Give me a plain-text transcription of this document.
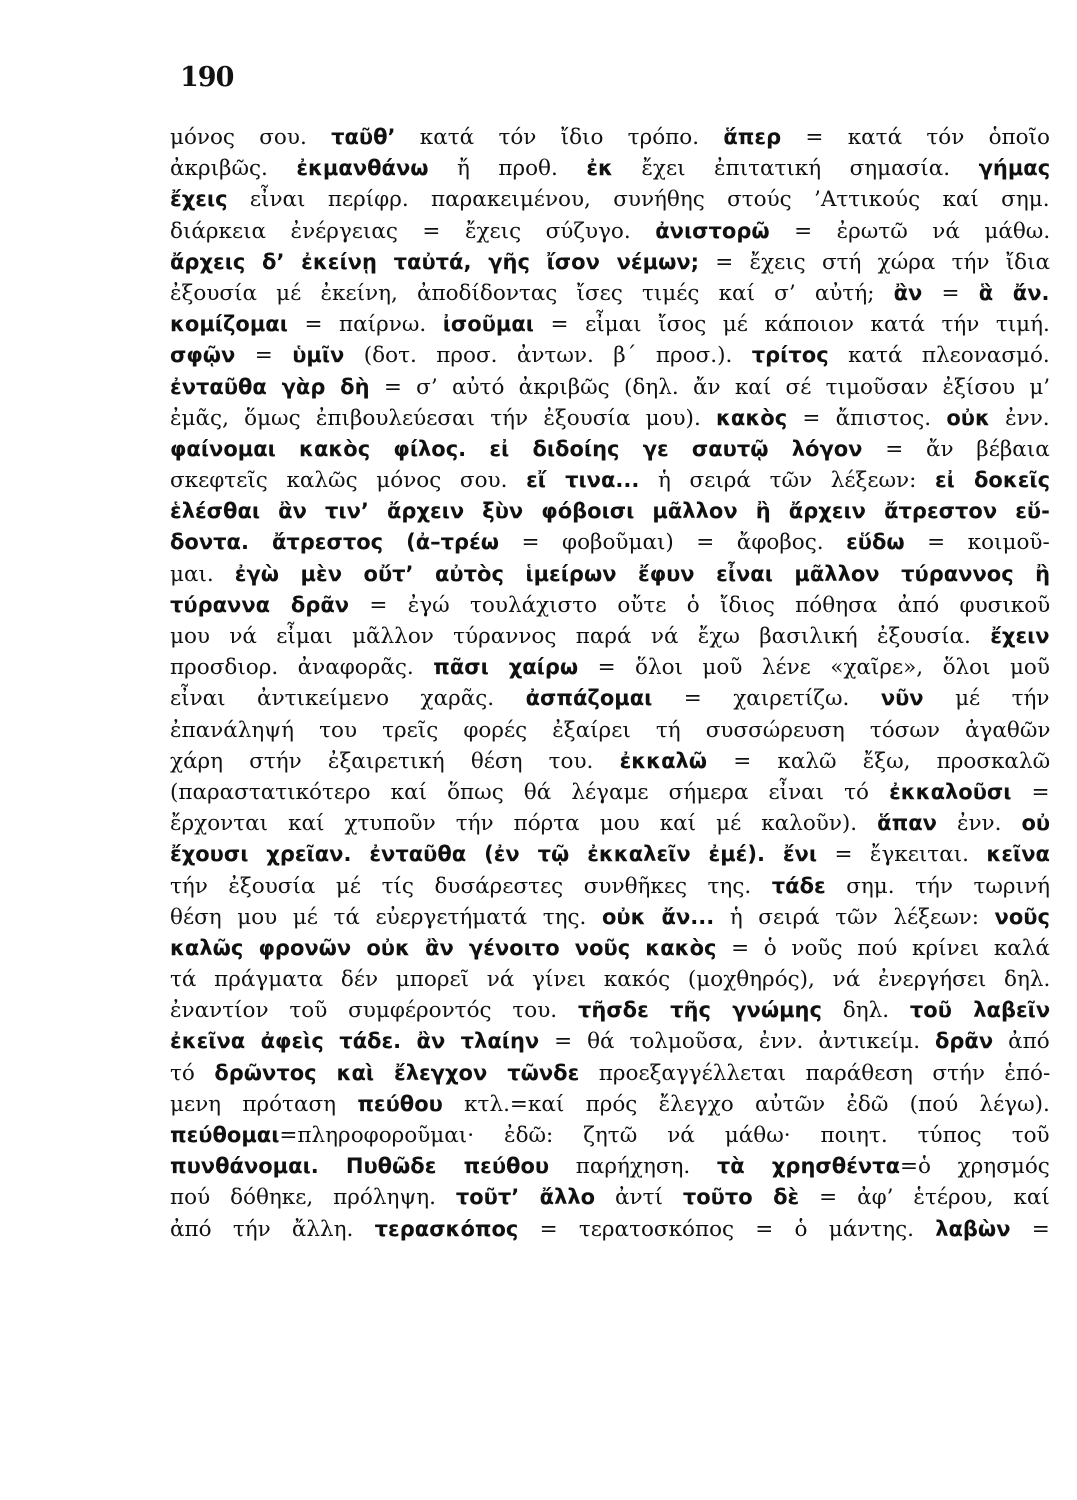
190
μόνος σου. ταῦθ’ κατά τόν ἴδιο τρόπο. ἅπερ = κατά τόν ὁποῖο
ἀκριβῶς. ἐκμανθάνω ἤ προθ. ἐκ ἔχει ἐπιτατική σημασία. γήμας
ἔχεις εἶναι περίφρ. παρακειμένου, συνήθης στούς ’Αττικούς καί σημ.
διάρκεια ἐνέργειας = ἔχεις σύζυγο. ἀνιστορῶ = ἐρωτῶ νά μάθω.
ἄρχεις δ’ ἐκείνῃ ταὐτά, γῆς ἴσον νέμων; = ἔχεις στή χώρα τήν ἴδια
ἐξουσία μέ ἐκείνη, ἀποδίδοντας ἴσες τιμές καί σ’ αὐτή; ἂν = ἃ ἄν.
κομίζομαι = παίρνω. ἰσοῦμαι = εἶμαι ἴσος μέ κάποιον κατά τήν τιμή.
σφῷν = ὑμῖν (δοτ. προσ. ἀντων. β΄ προσ.). τρίτος κατά πλεονασμό.
ἐνταῦθα γὰρ δὴ = σ’ αὐτό ἀκριβῶς (δηλ. ἄν καί σέ τιμοῦσαν ἐξίσου μ’
ἐμᾶς, ὅμως ἐπιβουλεύεσαι τήν ἐξουσία μου). κακὸς = ἄπιστος. οὐκ ἐνν.
φαίνομαι κακὸς φίλος. εἰ διδοίης γε σαυτῷ λόγον = ἄν βέβαια
σκεφτεῖς καλῶς μόνος σου. εἴ τινα... ἡ σειρά τῶν λέξεων: εἰ δοκεῖς
ἑλέσθαι ἂν τιν’ ἄρχειν ξὺν φόβοισι μᾶλλον ἢ ἄρχειν ἄτρεστον εὕ-
δοντα. ἄτρεστος (ἀ–τρέω = φοβοῦμαι) = ἄφοβος. εὕδω = κοιμοῦ-
μαι. ἐγὼ μὲν οὔτ’ αὐτὸς ἱμείρων ἔφυν εἶναι μᾶλλον τύραννος ἢ
τύραννα δρᾶν = ἐγώ τουλάχιστο οὔτε ὁ ἴδιος πόθησα ἀπό φυσικοῦ
μου νά εἶμαι μᾶλλον τύραννος παρά νά ἔχω βασιλική ἐξουσία. ἔχειν
προσδιορ. ἀναφορᾶς. πᾶσι χαίρω = ὅλοι μοῦ λένε «χαῖρε», ὅλοι μοῦ
εἶναι ἀντικείμενο χαρᾶς. ἀσπάζομαι = χαιρετίζω. νῦν μέ τήν
ἐπανάληψή του τρεῖς φορές ἐξαίρει τή συσσώρευση τόσων ἀγαθῶν
χάρη στήν ἐξαιρετική θέση του. ἐκκαλῶ = καλῶ ἔξω, προσκαλῶ
(παραστατικότερο καί ὅπως θά λέγαμε σήμερα εἶναι τό ἐκκαλοῦσι =
ἔρχονται καί χτυποῦν τήν πόρτα μου καί μέ καλοῦν). ἅπαν ἐνν. οὐ
ἔχουσι χρεῖαν. ἐνταῦθα (ἐν τῷ ἐκκαλεῖν ἐμέ). ἔνι = ἔγκειται. κεῖνα
τήν ἐξουσία μέ τίς δυσάρεστες συνθῆκες της. τάδε σημ. τήν τωρινή
θέση μου μέ τά εὐεργετήματά της. οὐκ ἄν... ἡ σειρά τῶν λέξεων: νοῦς
καλῶς φρονῶν οὐκ ἂν γένοιτο νοῦς κακὸς = ὁ νοῦς πού κρίνει καλά
τά πράγματα δέν μπορεῖ νά γίνει κακός (μοχθηρός), νά ἐνεργήσει δηλ.
ἐναντίον τοῦ συμφέροντός του. τῆσδε τῆς γνώμης δηλ. τοῦ λαβεῖν
ἐκεῖνα ἀφεὶς τάδε. ἂν τλαίην = θά τολμοῦσα, ἐνν. ἀντικείμ. δρᾶν ἀπό
τό δρῶντος καὶ ἔλεγχον τῶνδε προεξαγγέλλεται παράθεση στήν ἑπό-
μενη πρόταση πεύθου κτλ.=καί πρός ἔλεγχο αὐτῶν ἐδῶ (πού λέγω).
πεύθομαι=πληροφοροῦμαι· ἐδῶ: ζητῶ νά μάθω· ποιητ. τύπος τοῦ
πυνθάνομαι. Πυθῶδε πεύθου παρήχηση. τὰ χρησθέντα=ὁ χρησμός
πού δόθηκε, πρόληψη. τοῦτ’ ἄλλο ἀντί τοῦτο δὲ = ἀφ’ ἑτέρου, καί
ἀπό τήν ἄλλη. τερασκόπος = τερατοσκόπος = ὁ μάντης. λαβὼν =
